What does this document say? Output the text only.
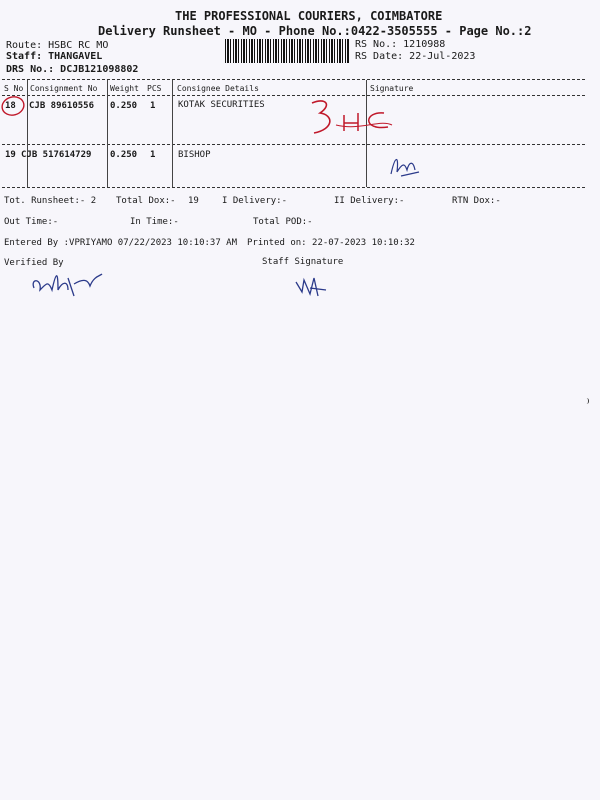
THE PROFESSIONAL COURIERS, COIMBATORE
Delivery Runsheet - MO - Phone No.:0422-3505555 - Page No.:2
Route: HSBC RC MO
Staff: THANGAVEL
DRS No.: DCJB121098802
RS No.: 1210988
RS Date: 22-Jul-2023
S No Consignment No Weight PCS Consignee Details	Signature
18 CJB 89610556 0.250 1	KOTAK SECURITIES
19 CJB 517614729 0.250 1	BISHOP
Tot. Runsheet:- 2 Total Dox:- 19	I Delivery:-	II Delivery:-	RTN Dox:-
Out Time:-	In Time:-	Total POD:-
Entered By :VPRIYAMO 07/22/2023 10:10:37 AM Printed on: 22-07-2023 10:10:32
Verified By	Staff Signature
